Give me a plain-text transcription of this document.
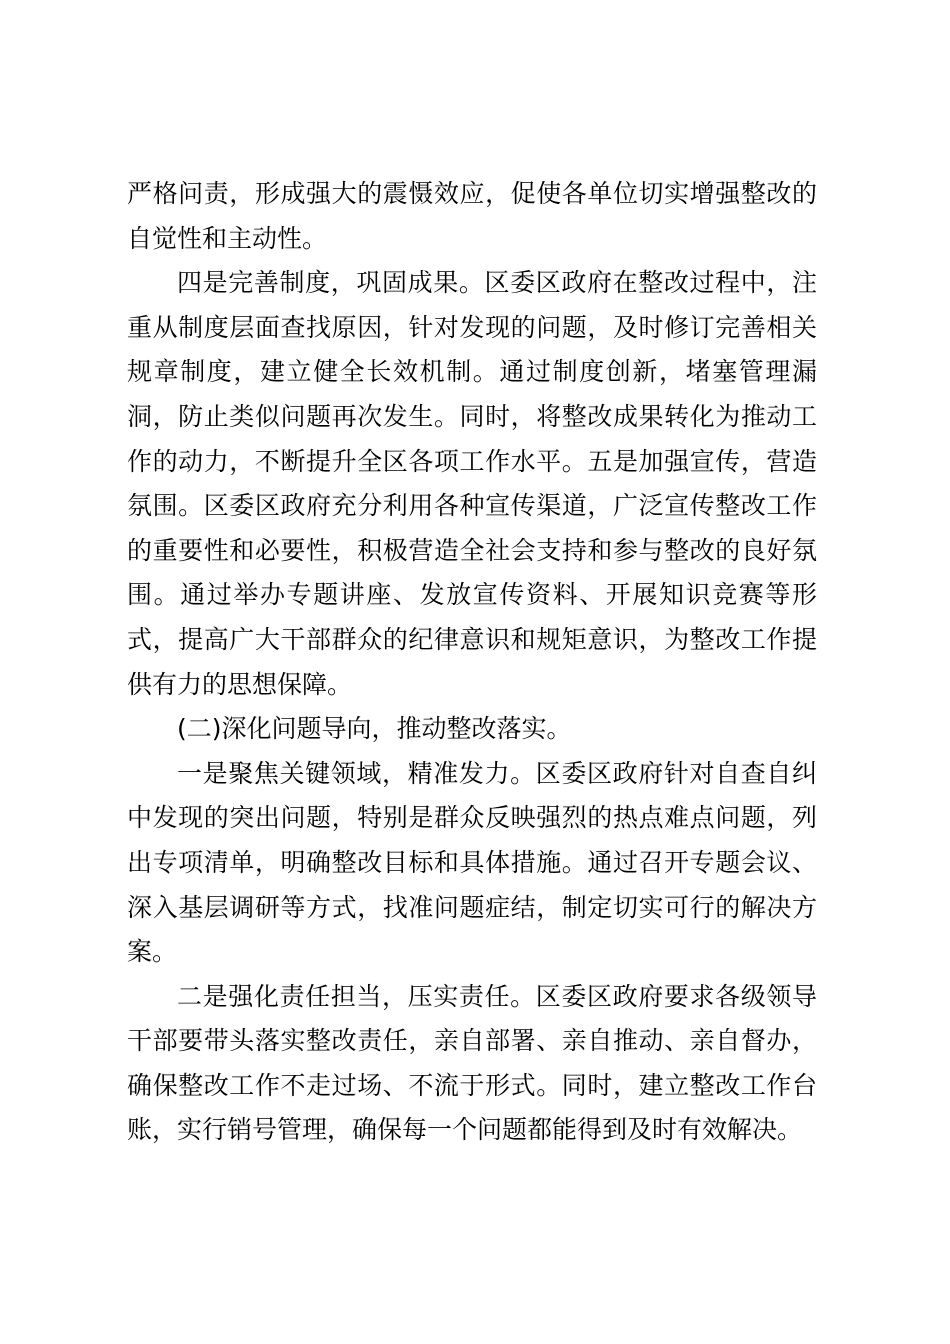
严格问责，形成强大的震慑效应，促使各单位切实增强整改的
自觉性和主动性。
四是完善制度，巩固成果。区委区政府在整改过程中，注
重从制度层面查找原因，针对发现的问题，及时修订完善相关
规章制度，建立健全长效机制。通过制度创新，堵塞管理漏
洞，防止类似问题再次发生。同时，将整改成果转化为推动工
作的动力，不断提升全区各项工作水平。五是加强宣传，营造
氛围。区委区政府充分利用各种宣传渠道，广泛宣传整改工作
的重要性和必要性，积极营造全社会支持和参与整改的良好氛
围。通过举办专题讲座、发放宣传资料、开展知识竞赛等形
式，提高广大干部群众的纪律意识和规矩意识，为整改工作提
供有力的思想保障。
(二)深化问题导向，推动整改落实。
一是聚焦关键领域，精准发力。区委区政府针对自查自纠
中发现的突出问题，特别是群众反映强烈的热点难点问题，列
出专项清单，明确整改目标和具体措施。通过召开专题会议、
深入基层调研等方式，找准问题症结，制定切实可行的解决方
案。
二是强化责任担当，压实责任。区委区政府要求各级领导
干部要带头落实整改责任，亲自部署、亲自推动、亲自督办，
确保整改工作不走过场、不流于形式。同时，建立整改工作台
账，实行销号管理，确保每一个问题都能得到及时有效解决。
